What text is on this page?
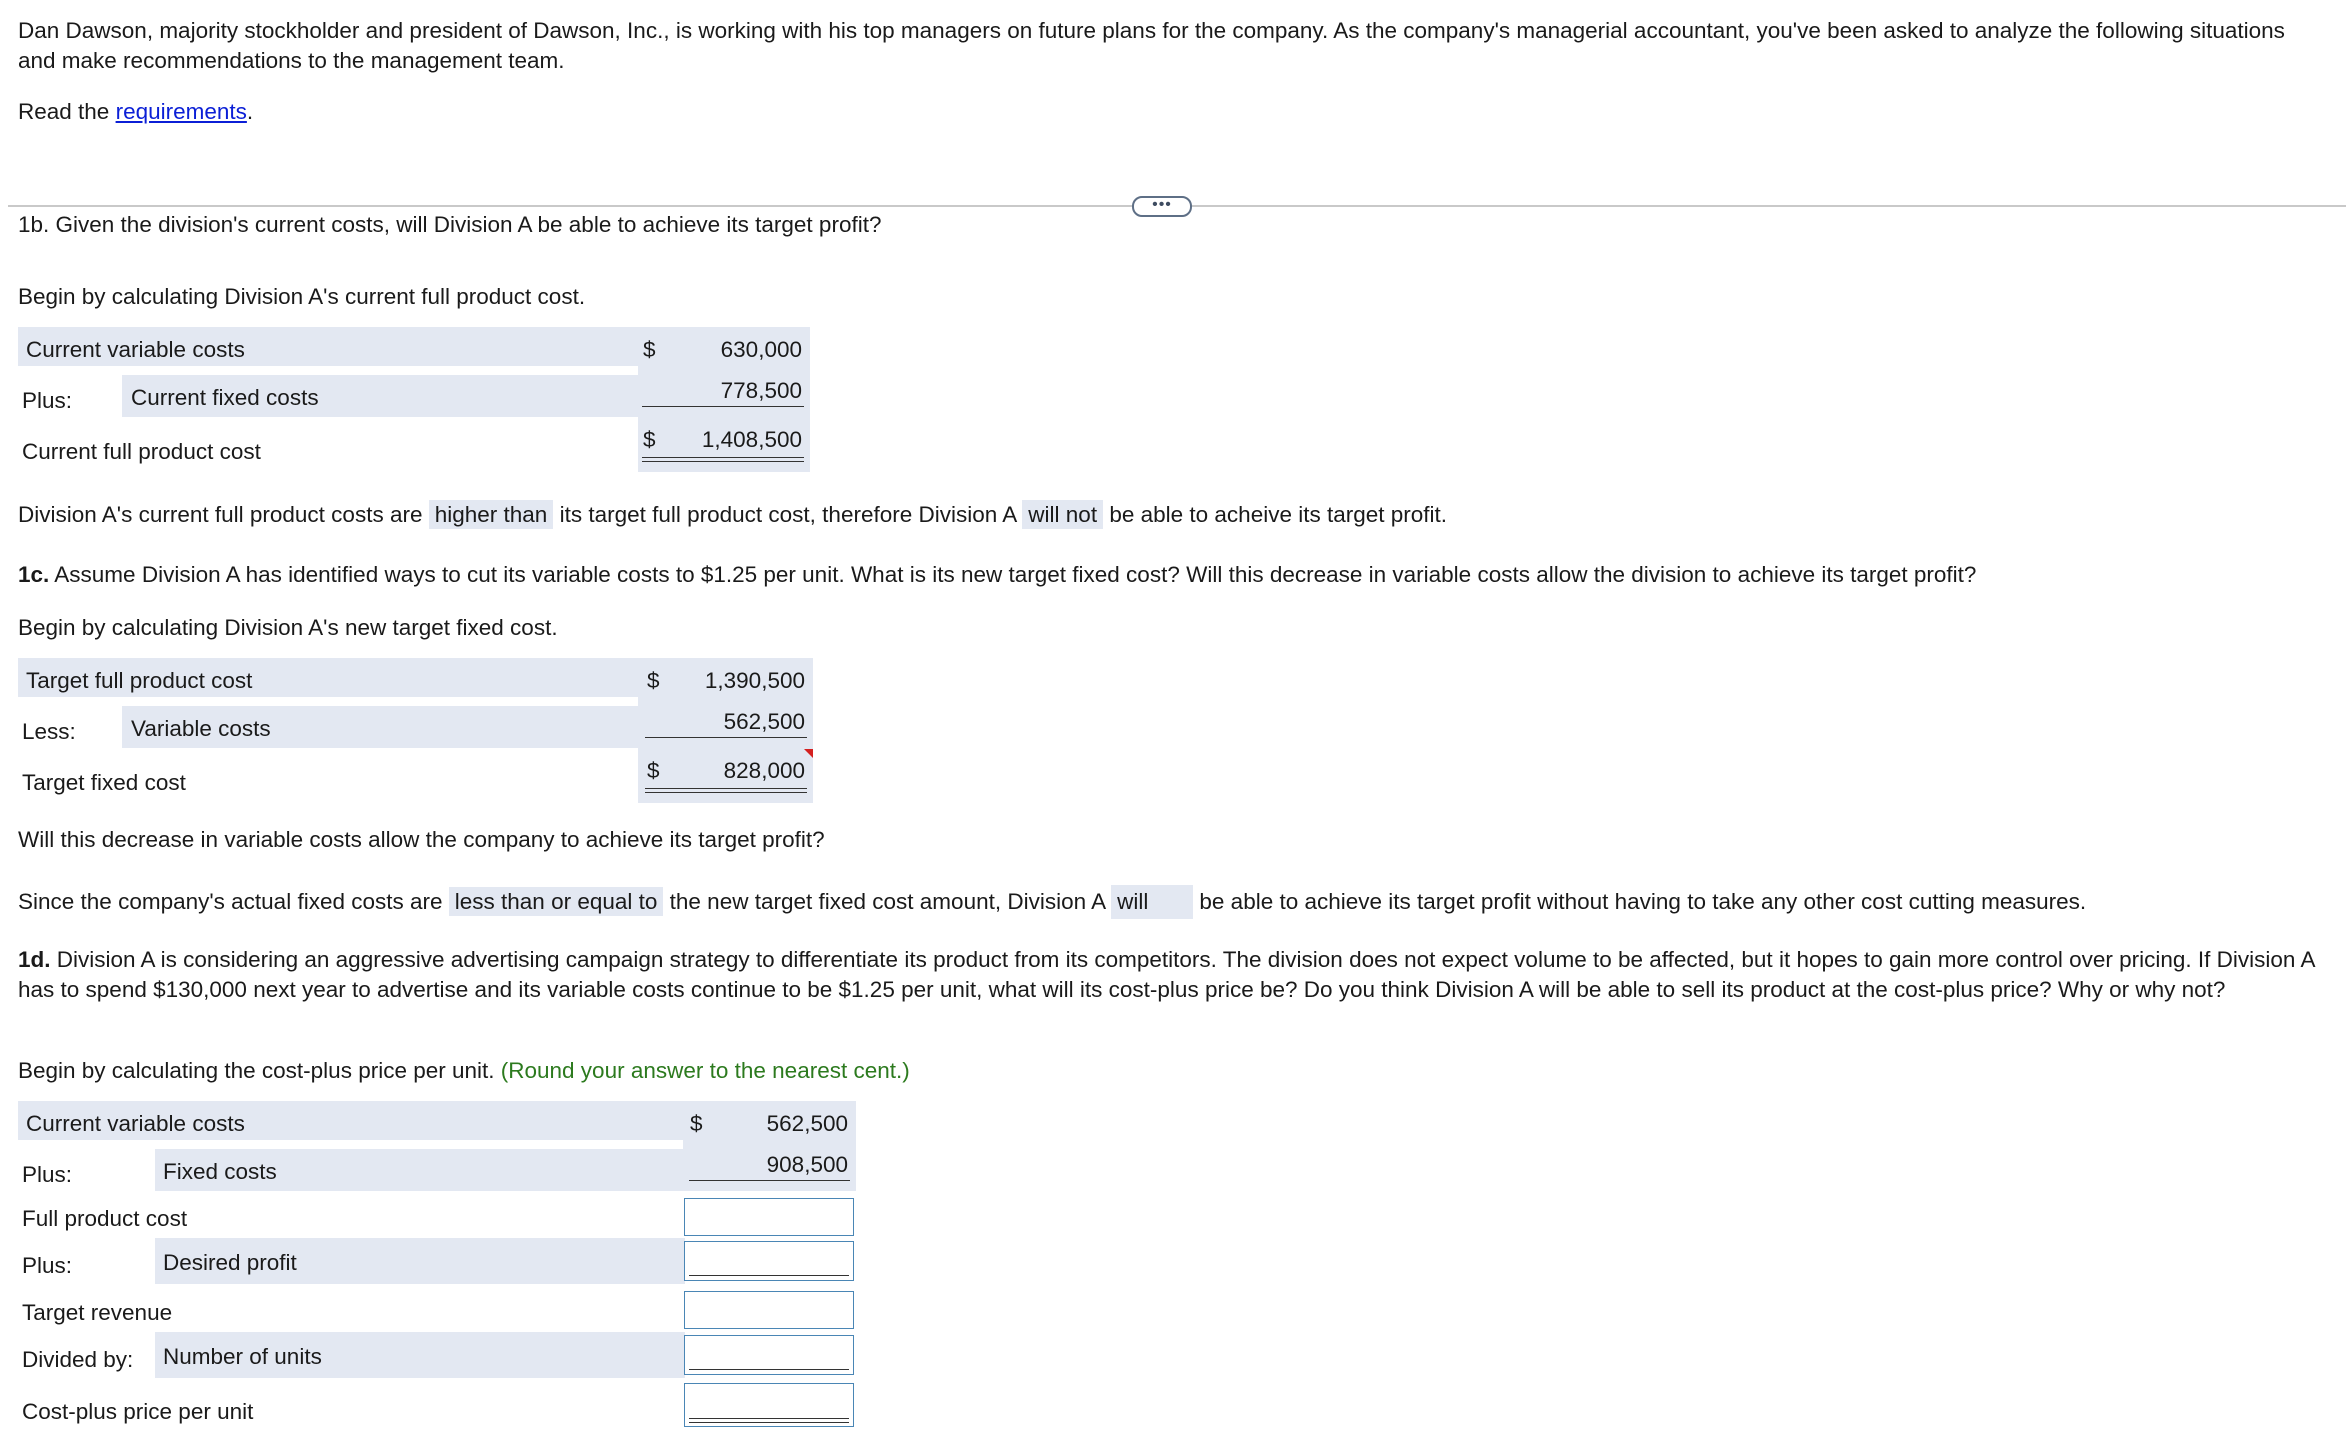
Dan Dawson, majority stockholder and president of Dawson, Inc., is working with his top managers on future plans for the company. As the company's managerial accountant, you've been asked to analyze the following situations and make recommendations to the management team.
Read the requirements.
•••
1b. Given the division's current costs, will Division A be able to achieve its target profit?
Begin by calculating Division A's current full product cost.
Current variable costs	$	630,000
Plus:	Current fixed costs	778,500
Current full product cost	$	1,408,500
Division A's current full product costs are higher than its target full product cost, therefore Division A will not be able to acheive its target profit.
1c. Assume Division A has identified ways to cut its variable costs to $1.25 per unit. What is its new target fixed cost? Will this decrease in variable costs allow the division to achieve its target profit?
Begin by calculating Division A's new target fixed cost.
Target full product cost	$	1,390,500
Less: Variable costs	562,500
Target fixed cost	$	828,000
Will this decrease in variable costs allow the company to achieve its target profit?
Since the company's actual fixed costs are less than or equal to the new target fixed cost amount, Division A will be able to achieve its target profit without having to take any other cost cutting measures.
1d. Division A is considering an aggressive advertising campaign strategy to differentiate its product from its competitors. The division does not expect volume to be affected, but it hopes to gain more control over pricing. If Division A has to spend $130,000 next year to advertise and its variable costs continue to be $1.25 per unit, what will its cost-plus price be? Do you think Division A will be able to sell its product at the cost-plus price? Why or why not?
Begin by calculating the cost-plus price per unit. (Round your answer to the nearest cent.)
Current variable costs	$	562,500
Plus:	Fixed costs	908,500
Full product cost
Plus:	Desired profit
Target revenue
Divided by: Number of units
Cost-plus price per unit
